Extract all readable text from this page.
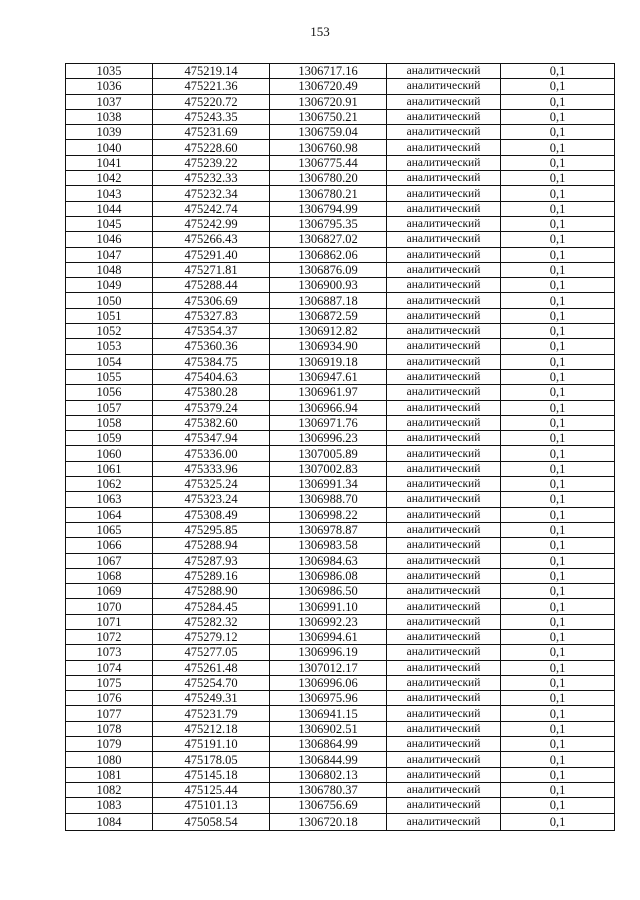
153
1035	475219.14	1306717.16	аналитический	0,1
1036	475221.36	1306720.49	аналитический	0,1
1037	475220.72	1306720.91	аналитический	0,1
1038	475243.35	1306750.21	аналитический	0,1
1039	475231.69	1306759.04	аналитический	0,1
1040	475228.60	1306760.98	аналитический	0,1
1041	475239.22	1306775.44	аналитический	0,1
1042	475232.33	1306780.20	аналитический	0,1
1043	475232.34	1306780.21	аналитический	0,1
1044	475242.74	1306794.99	аналитический	0,1
1045	475242.99	1306795.35	аналитический	0,1
1046	475266.43	1306827.02	аналитический	0,1
1047	475291.40	1306862.06	аналитический	0,1
1048	475271.81	1306876.09	аналитический	0,1
1049	475288.44	1306900.93	аналитический	0,1
1050	475306.69	1306887.18	аналитический	0,1
1051	475327.83	1306872.59	аналитический	0,1
1052	475354.37	1306912.82	аналитический	0,1
1053	475360.36	1306934.90	аналитический	0,1
1054	475384.75	1306919.18	аналитический	0,1
1055	475404.63	1306947.61	аналитический	0,1
1056	475380.28	1306961.97	аналитический	0,1
1057	475379.24	1306966.94	аналитический	0,1
1058	475382.60	1306971.76	аналитический	0,1
1059	475347.94	1306996.23	аналитический	0,1
1060	475336.00	1307005.89	аналитический	0,1
1061	475333.96	1307002.83	аналитический	0,1
1062	475325.24	1306991.34	аналитический	0,1
1063	475323.24	1306988.70	аналитический	0,1
1064	475308.49	1306998.22	аналитический	0,1
1065	475295.85	1306978.87	аналитический	0,1
1066	475288.94	1306983.58	аналитический	0,1
1067	475287.93	1306984.63	аналитический	0,1
1068	475289.16	1306986.08	аналитический	0,1
1069	475288.90	1306986.50	аналитический	0,1
1070	475284.45	1306991.10	аналитический	0,1
1071	475282.32	1306992.23	аналитический	0,1
1072	475279.12	1306994.61	аналитический	0,1
1073	475277.05	1306996.19	аналитический	0,1
1074	475261.48	1307012.17	аналитический	0,1
1075	475254.70	1306996.06	аналитический	0,1
1076	475249.31	1306975.96	аналитический	0,1
1077	475231.79	1306941.15	аналитический	0,1
1078	475212.18	1306902.51	аналитический	0,1
1079	475191.10	1306864.99	аналитический	0,1
1080	475178.05	1306844.99	аналитический	0,1
1081	475145.18	1306802.13	аналитический	0,1
1082	475125.44	1306780.37	аналитический	0,1
1083	475101.13	1306756.69	аналитический	0,1
1084	475058.54	1306720.18	аналитический	0,1
